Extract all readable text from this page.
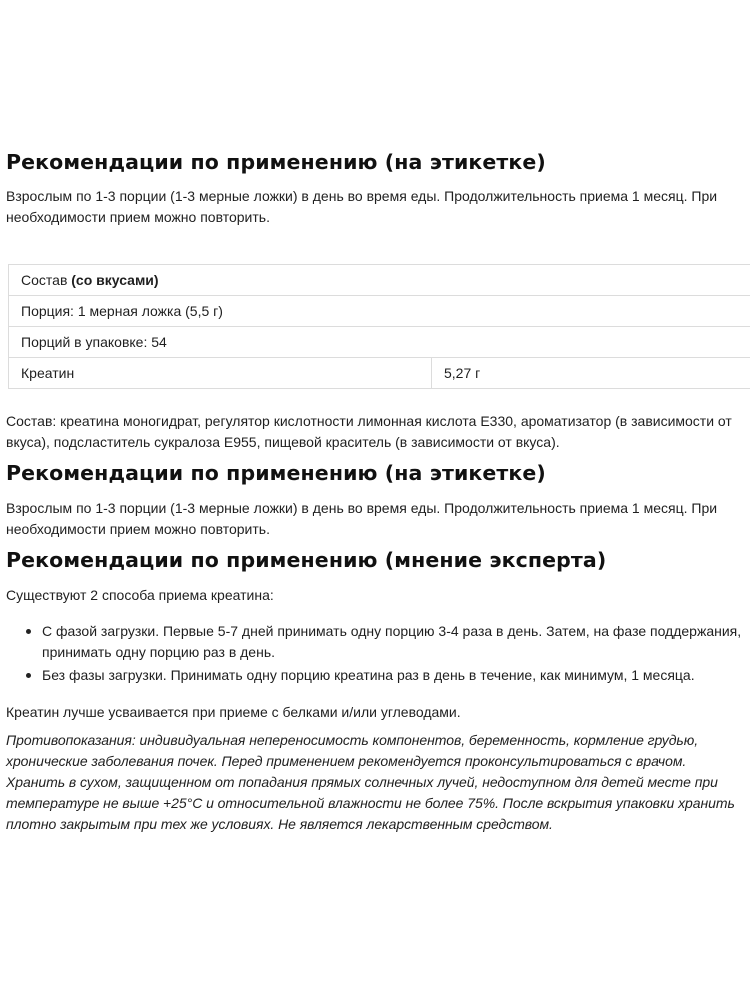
Рекомендации по применению (на этикетке)

Взрослым по 1-3 порции (1-3 мерные ложки) в день во время еды. Продолжительность приема 1 месяц. При необходимости прием можно повторить.

Состав (со вкусами)
Порция: 1 мерная ложка (5,5 г)
Порций в упаковке: 54
Креатин	5,27 г

Состав: креатина моногидрат, регулятор кислотности лимонная кислота Е330, ароматизатор (в зависимости от вкуса), подсластитель сукралоза Е955, пищевой краситель (в зависимости от вкуса).

Рекомендации по применению (на этикетке)

Взрослым по 1-3 порции (1-3 мерные ложки) в день во время еды. Продолжительность приема 1 месяц. При необходимости прием можно повторить.

Рекомендации по применению (мнение эксперта)

Существуют 2 способа приема креатина:

С фазой загрузки. Первые 5-7 дней принимать одну порцию 3-4 раза в день. Затем, на фазе поддержания, принимать одну порцию раз в день.
Без фазы загрузки. Принимать одну порцию креатина раз в день в течение, как минимум, 1 месяца.

Креатин лучше усваивается при приеме с белками и/или углеводами.

Противопоказания: индивидуальная непереносимость компонентов, беременность, кормление грудью, хронические заболевания почек. Перед применением рекомендуется проконсультироваться с врачом. Хранить в сухом, защищенном от попадания прямых солнечных лучей, недоступном для детей месте при температуре не выше +25°С и относительной влажности не более 75%. После вскрытия упаковки хранить плотно закрытым при тех же условиях. Не является лекарственным средством.
